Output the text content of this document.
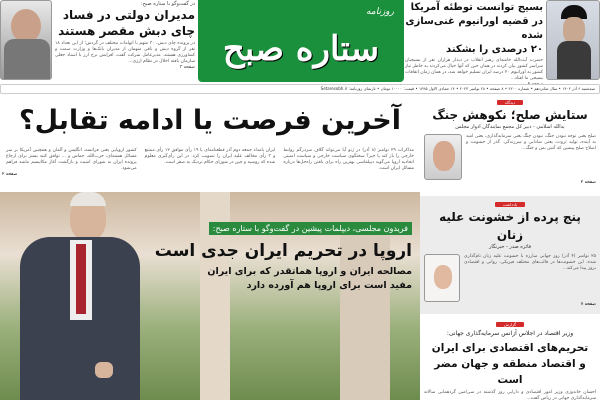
در گفت‌و‌گو با ستاره صبح:
مدیران دولتی در فساد
چای دبش مقصر هستند
در پرونده چای دبش، ۳۰ متهم با اتهامات مختلف در گردش؛ از این تعداد ۱۸ نفر از گروه دبش و باقی متهمان از مدیران بانک‌ها و وزارت صمت و کشاورزی هستند. مدیرعامل شرکت گفت، افزایش نرخ ارز با اسناد جعلی سازمان یافته اخلال در نظام ارزی...
صفحه ۳
روزنامه
ستاره صبح
بسیج توانست توطئه آمریکا
در قضیه اورانیوم غنی‌سازی شده
۲۰ درصدی را بشکند
حضرت آیت‌الله خامنه‌ای رهبر انقلاب در دیدار هزاران نفر از بسیجیان سراسر کشور بیان کردند در همان حین که آنها خیال می‌کردند به خاطر نیاز کشور به اورانیوم ۲۰ درصد ایران تسلیم خواهد شد، در همان زمان اتفاقات بسیجی ما افتاد...
صفحه ۲
سه‌شنبه ۶ آذر ۱۴۰۲ • سال شانزدهم • شماره ۲۲۰۰ • ۸ صفحه • ۲۸ نوامبر ۲۰۲۳ • ۱۴ جمادی الاول ۱۴۴۵ • قیمت: ۱۰۰۰۰ تومان • تارنمای روزنامه: Setaresobh.ir
آخرین فرصت یا ادامه تقابل؟
مذاکرات ۲۹ نوامبر (۸ آذر) در ژنو آیا می‌تواند گلاف سردرگم روابط خارجی را باز کند یا خیر؟ سخنگوی سیاست خارجی و سیاست امنیتی اتحادیه اروپا می‌گوید دیپلماسی بهترین راه برای یافتن راه‌حل‌ها درباره مسائل ایران است.
ایران بامداد جمعه دوم آذر قطعنامه‌ای با ۱۹ رأی موافق ۱۲ رأی ممتنع و ۳ رأی مخالف علیه ایران را تصویب کرد. در این رأی‌گیری معلوم شده که روسیه و چین در شورای حکام نزدیک به صفر است.
کشور اروپایی یعنی فرانسه، انگلیس و آلمان و همچنین آمریکا بر سر مسائل هسته‌ای، حزب‌الله، حماس و ... توافق کنند بستر برای ارجاع پرونده ایران به شورای امنیت و بازگشت آغاز مکانیسم ماشه فراهم می‌شود.
صفحه ۲
فریدون مجلسی، دیپلمات پیشین در گفت‌وگو با ستاره صبح:
اروپا در تحریم ایران جدی است
مصالحه ایران و اروپا هماتقدر که برای ایران
مفید است برای اروپا هم آورده دارد
دیدگاه
ستایش صلح؛ نکوهش جنگ
یدالله اسلامی - دبیر کل مجمع نمایندگان ادوار مجلس
صلح یعنی توجه نبودن جنگ، نبودن جنگ یعنی سرمایه‌گذاری، یعنی امید به آینده، تولید ثروت، یعنی شادابی و سرزندگی. گذر از خشونت و اصلاح صلح پیشین که آتش بس و جنگ...
صفحه ۲
یادداشت
پنج پرده از خشونت علیه زنان
فائزه صدر - خبرنگار
۲۵ نوامبر (۴ آذر) روز جهانی مبارزه با خشونت علیه زنان نام‌گذاری شده. این خشونت‌ها در قالب‌های مختلف فیزیکی، روانی و اقتصادی بروز پیدا می‌کند...
صفحه ۷
گزارش
وزیر اقتصاد در اجلاس آزانس سرمایه‌گذاری جهانی:
تحریم‌های اقتصادی برای ایران
و اقتصاد منطقه و جهان مضر است
احسان خاندوزی وزیر امور اقتصادی و دارایی روز گذشته در سی‌امین گردهمایی سالانه سرمایه‌گذاری جهانی در ریاض گفت...
